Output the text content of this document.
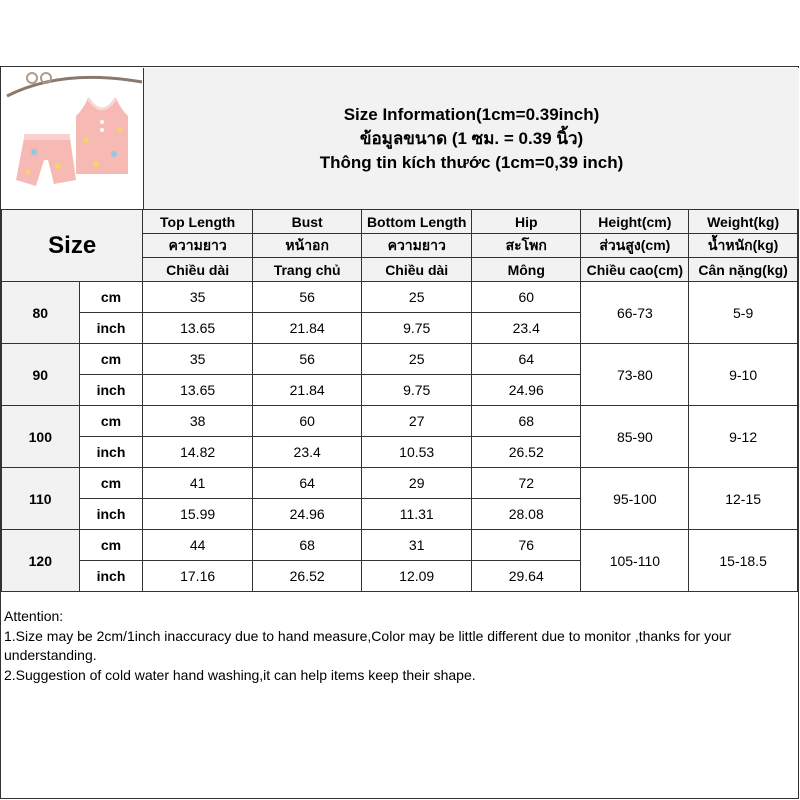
Size Information(1cm=0.39inch)
ข้อมูลขนาด (1 ซม. = 0.39 นิ้ว)
Thông tin kích thước (1cm=0,39 inch)
Size		Top Length	Bust	Bottom Length	Hip	Height(cm)	Weight(kg)
		ความยาว	หน้าอก	ความยาว	สะโพก	ส่วนสูง(cm)	น้ำหนัก(kg)
		Chiều dài	Trang chủ	Chiều dài	Mông	Chiều cao(cm)	Cân nặng(kg)
80	cm	35	56	25	60	66-73	5-9
	inch	13.65	21.84	9.75	23.4		
90	cm	35	56	25	64	73-80	9-10
	inch	13.65	21.84	9.75	24.96		
100	cm	38	60	27	68	85-90	9-12
	inch	14.82	23.4	10.53	26.52		
110	cm	41	64	29	72	95-100	12-15
	inch	15.99	24.96	11.31	28.08		
120	cm	44	68	31	76	105-110	15-18.5
	inch	17.16	26.52	12.09	29.64		
Attention:
1.Size may be 2cm/1inch inaccuracy due to hand measure,Color may be little different due to monitor ,thanks for your understanding.
2.Suggestion of cold water hand washing,it can help items keep their shape.
